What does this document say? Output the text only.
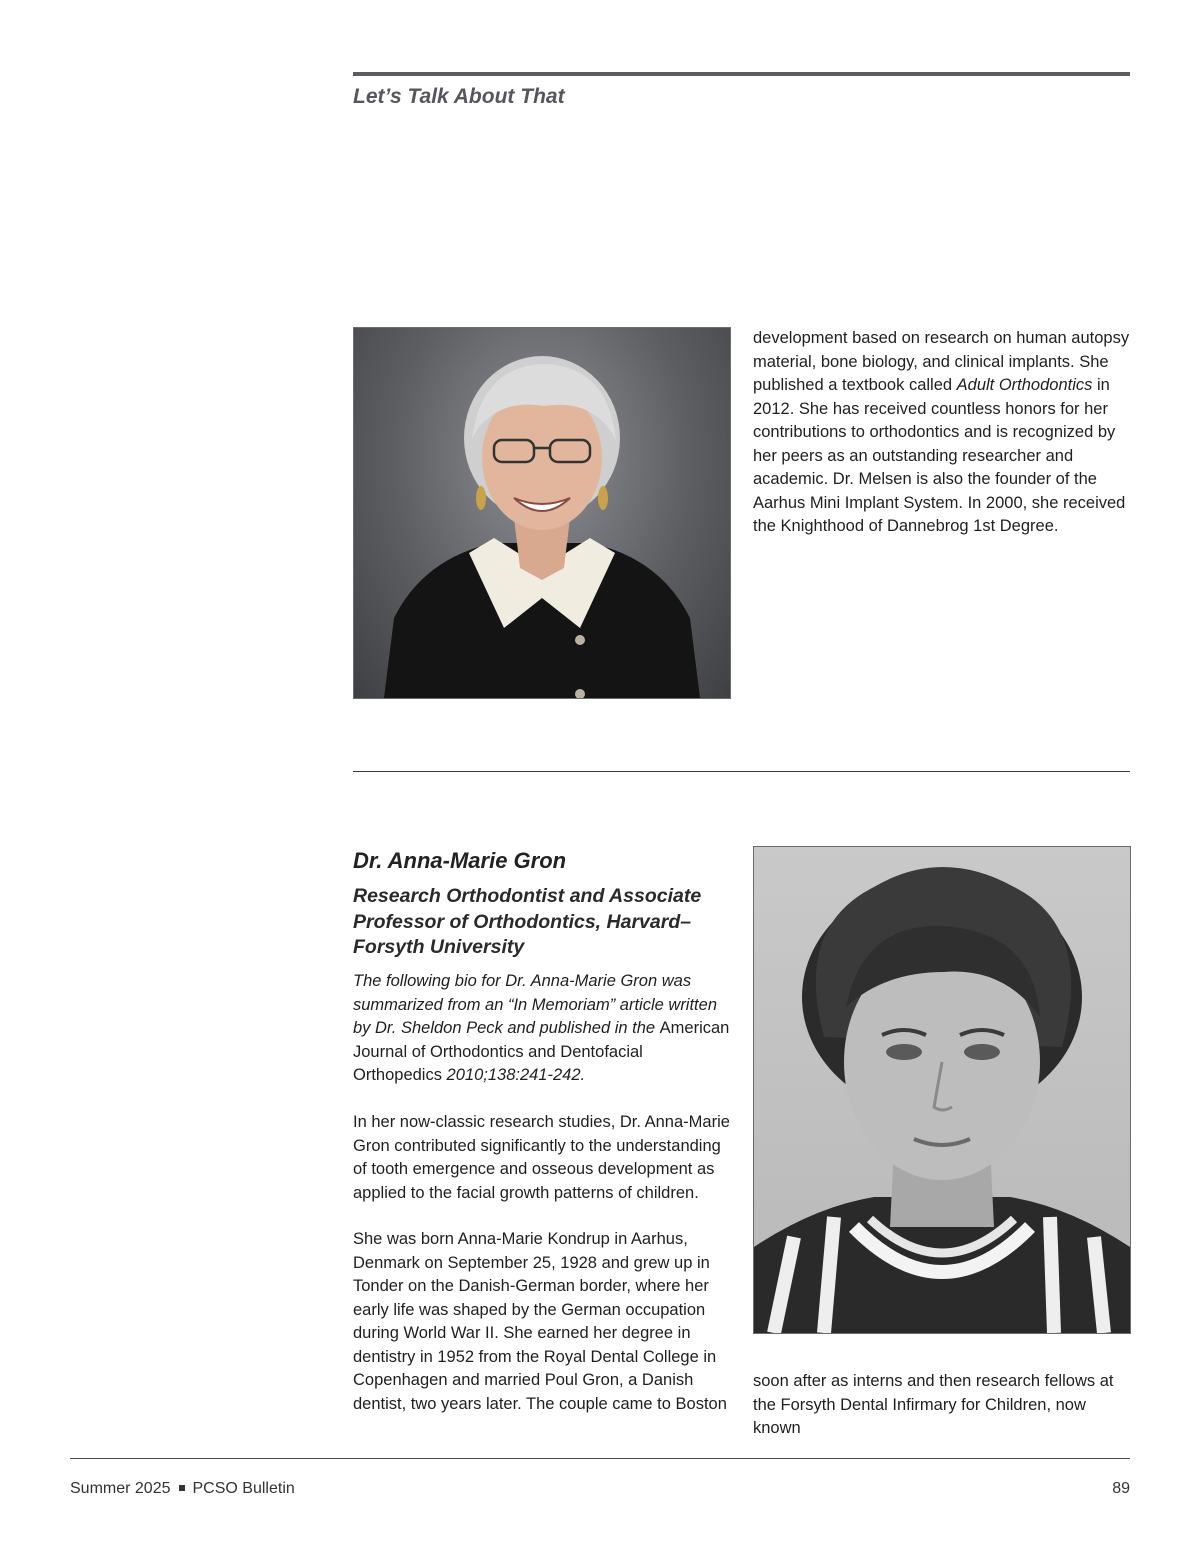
Let’s Talk About That
development based on research on human autopsy material, bone biology, and clinical implants. She published a textbook called Adult Orthodontics in 2012. She has received countless honors for her contributions to orthodontics and is recognized by her peers as an outstanding researcher and academic. Dr. Melsen is also the founder of the Aarhus Mini Implant System. In 2000, she received the Knighthood of Dannebrog 1st Degree.
Dr. Anna-Marie Gron
Research Orthodontist and Associate Professor of Orthodontics, Harvard–Forsyth University
The following bio for Dr. Anna-Marie Gron was summarized from an “In Memoriam” article written by Dr. Sheldon Peck and published in the American Journal of Orthodontics and Dentofacial Orthopedics 2010;138:241-242.
In her now-classic research studies, Dr. Anna-Marie Gron contributed significantly to the understanding of tooth emergence and osseous development as applied to the facial growth patterns of children.
She was born Anna-Marie Kondrup in Aarhus, Denmark on September 25, 1928 and grew up in Tonder on the Danish-German border, where her early life was shaped by the German occupation during World War II. She earned her degree in dentistry in 1952 from the Royal Dental College in Copenhagen and married Poul Gron, a Danish dentist, two years later. The couple came to Boston
soon after as interns and then research fellows at the Forsyth Dental Infirmary for Children, now known
Summer 2025 PCSO Bulletin	89
